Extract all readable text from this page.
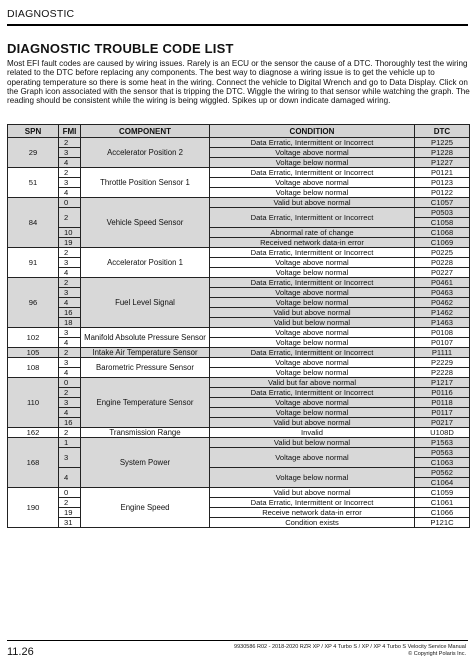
DIAGNOSTIC
DIAGNOSTIC TROUBLE CODE LIST
Most EFI fault codes are caused by wiring issues. Rarely is an ECU or the sensor the cause of a DTC. Thoroughly test the wiring related to the DTC before replacing any components. The best way to diagnose a wiring issue is to get the vehicle up to operating temperature so there is some heat in the wiring. Connect the vehicle to Digital Wrench and go to Data Display. Click on the Graph icon associated with the sensor that is tripping the DTC. Wiggle the wiring to that sensor while watching the graph. The reading should be consistent while the wiring is being wiggled. Spikes up or down indicate damaged wiring.
SPN	FMI	COMPONENT	CONDITION	DTC
29	2	Accelerator Position 2	Data Erratic, Intermittent or Incorrect	P1225
	3		Voltage above normal	P1228
	4		Voltage below normal	P1227
51	2	Throttle Position Sensor 1	Data Erratic, Intermittent or Incorrect	P0121
	3		Voltage above normal	P0123
	4		Voltage below normal	P0122
84	0	Vehicle Speed Sensor	Valid but above normal	C1057
	2		Data Erratic, Intermittent or Incorrect	P0503
				C1058
	10		Abnormal rate of change	C1068
	19		Received network data-in error	C1069
91	2	Accelerator Position 1	Data Erratic, Intermittent or Incorrect	P0225
	3		Voltage above normal	P0228
	4		Voltage below normal	P0227
96	2	Fuel Level Signal	Data Erratic, Intermittent or Incorrect	P0461
	3		Voltage above normal	P0463
	4		Voltage below normal	P0462
	16		Valid but above normal	P1462
	18		Valid but below normal	P1463
102	3	Manifold Absolute Pressure Sensor	Voltage above normal	P0108
	4		Voltage below normal	P0107
105	2	Intake Air Temperature Sensor	Data Erratic, Intermittent or Incorrect	P1111
108	3	Barometric Pressure Sensor	Voltage above normal	P2229
	4		Voltage below normal	P2228
110	0	Engine Temperature Sensor	Valid but far above normal	P1217
	2		Data Erratic, Intermittent or Incorrect	P0116
	3		Voltage above normal	P0118
	4		Voltage below normal	P0117
	16		Valid but above normal	P0217
162	2	Transmission Range	Invalid	U108D
168	1	System Power	Valid but below normal	P1563
	3		Voltage above normal	P0563
				C1063
	4		Voltage below normal	P0562
				C1064
190	0	Engine Speed	Valid but above normal	C1059
	2		Data Erratic, Intermittent or Incorrect	C1061
	19		Receive network data-in error	C1066
	31		Condition exists	P121C
11.26	9930586 R02 - 2018-2020 RZR XP / XP 4 Turbo S / XP / XP 4 Turbo S Velocity Service Manual
© Copyright Polaris Inc.
